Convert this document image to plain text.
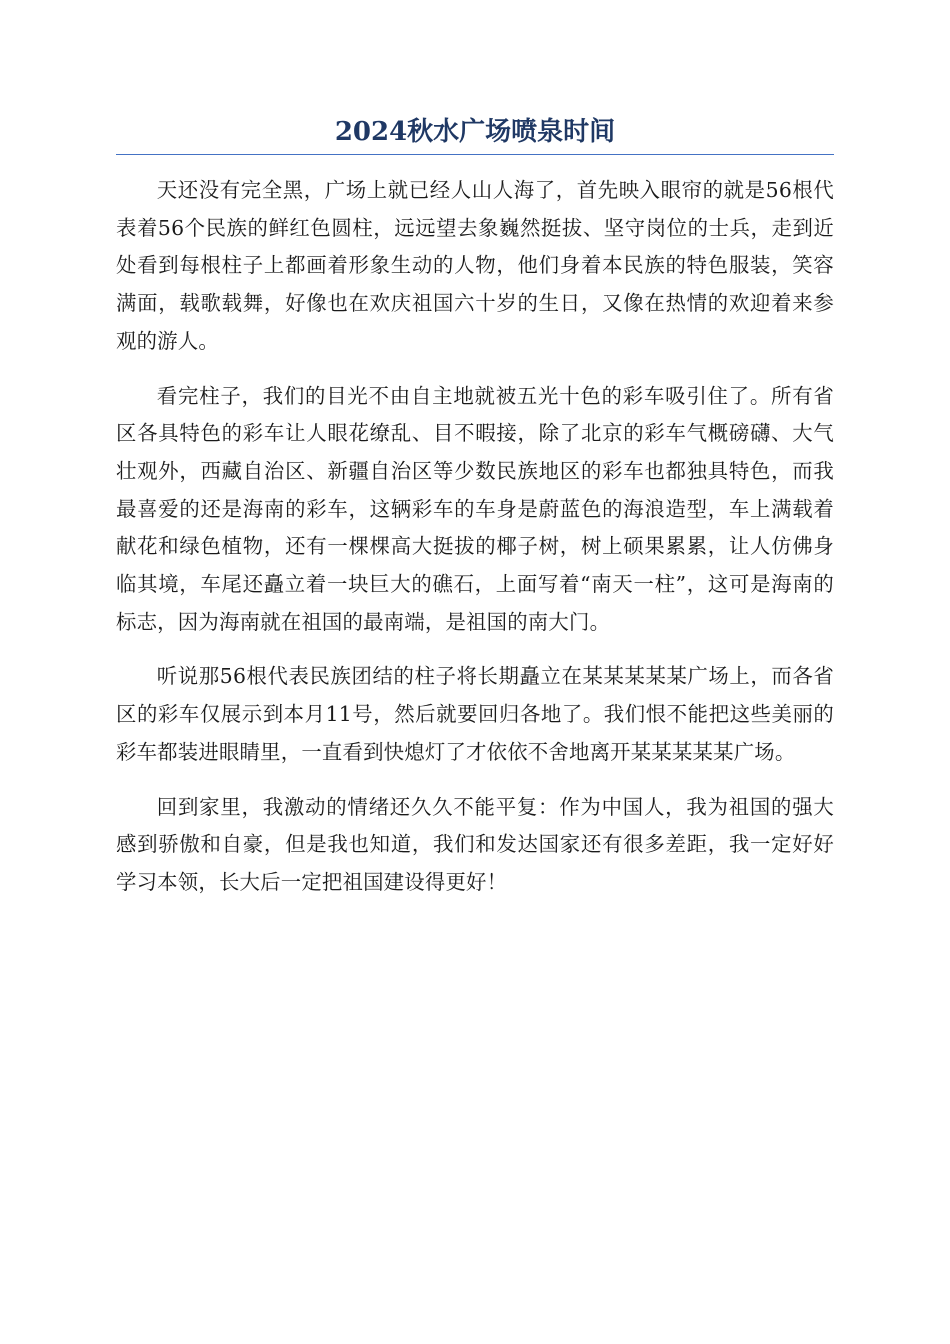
2024秋水广场喷泉时间

天还没有完全黑，广场上就已经人山人海了，首先映入眼帘的就是56根代表着56个民族的鲜红色圆柱，远远望去象巍然挺拔、坚守岗位的士兵，走到近处看到每根柱子上都画着形象生动的人物，他们身着本民族的特色服装，笑容满面，载歌载舞，好像也在欢庆祖国六十岁的生日，又像在热情的欢迎着来参观的游人。

看完柱子，我们的目光不由自主地就被五光十色的彩车吸引住了。所有省区各具特色的彩车让人眼花缭乱、目不暇接，除了北京的彩车气概磅礴、大气壮观外，西藏自治区、新疆自治区等少数民族地区的彩车也都独具特色，而我最喜爱的还是海南的彩车，这辆彩车的车身是蔚蓝色的海浪造型，车上满载着献花和绿色植物，还有一棵棵高大挺拔的椰子树，树上硕果累累，让人仿佛身临其境，车尾还矗立着一块巨大的礁石，上面写着“南天一柱”，这可是海南的标志，因为海南就在祖国的最南端，是祖国的南大门。

听说那56根代表民族团结的柱子将长期矗立在某某某某某广场上，而各省区的彩车仅展示到本月11号，然后就要回归各地了。我们恨不能把这些美丽的彩车都装进眼睛里，一直看到快熄灯了才依依不舍地离开某某某某某广场。

回到家里，我激动的情绪还久久不能平复：作为中国人，我为祖国的强大感到骄傲和自豪，但是我也知道，我们和发达国家还有很多差距，我一定好好学习本领，长大后一定把祖国建设得更好！
